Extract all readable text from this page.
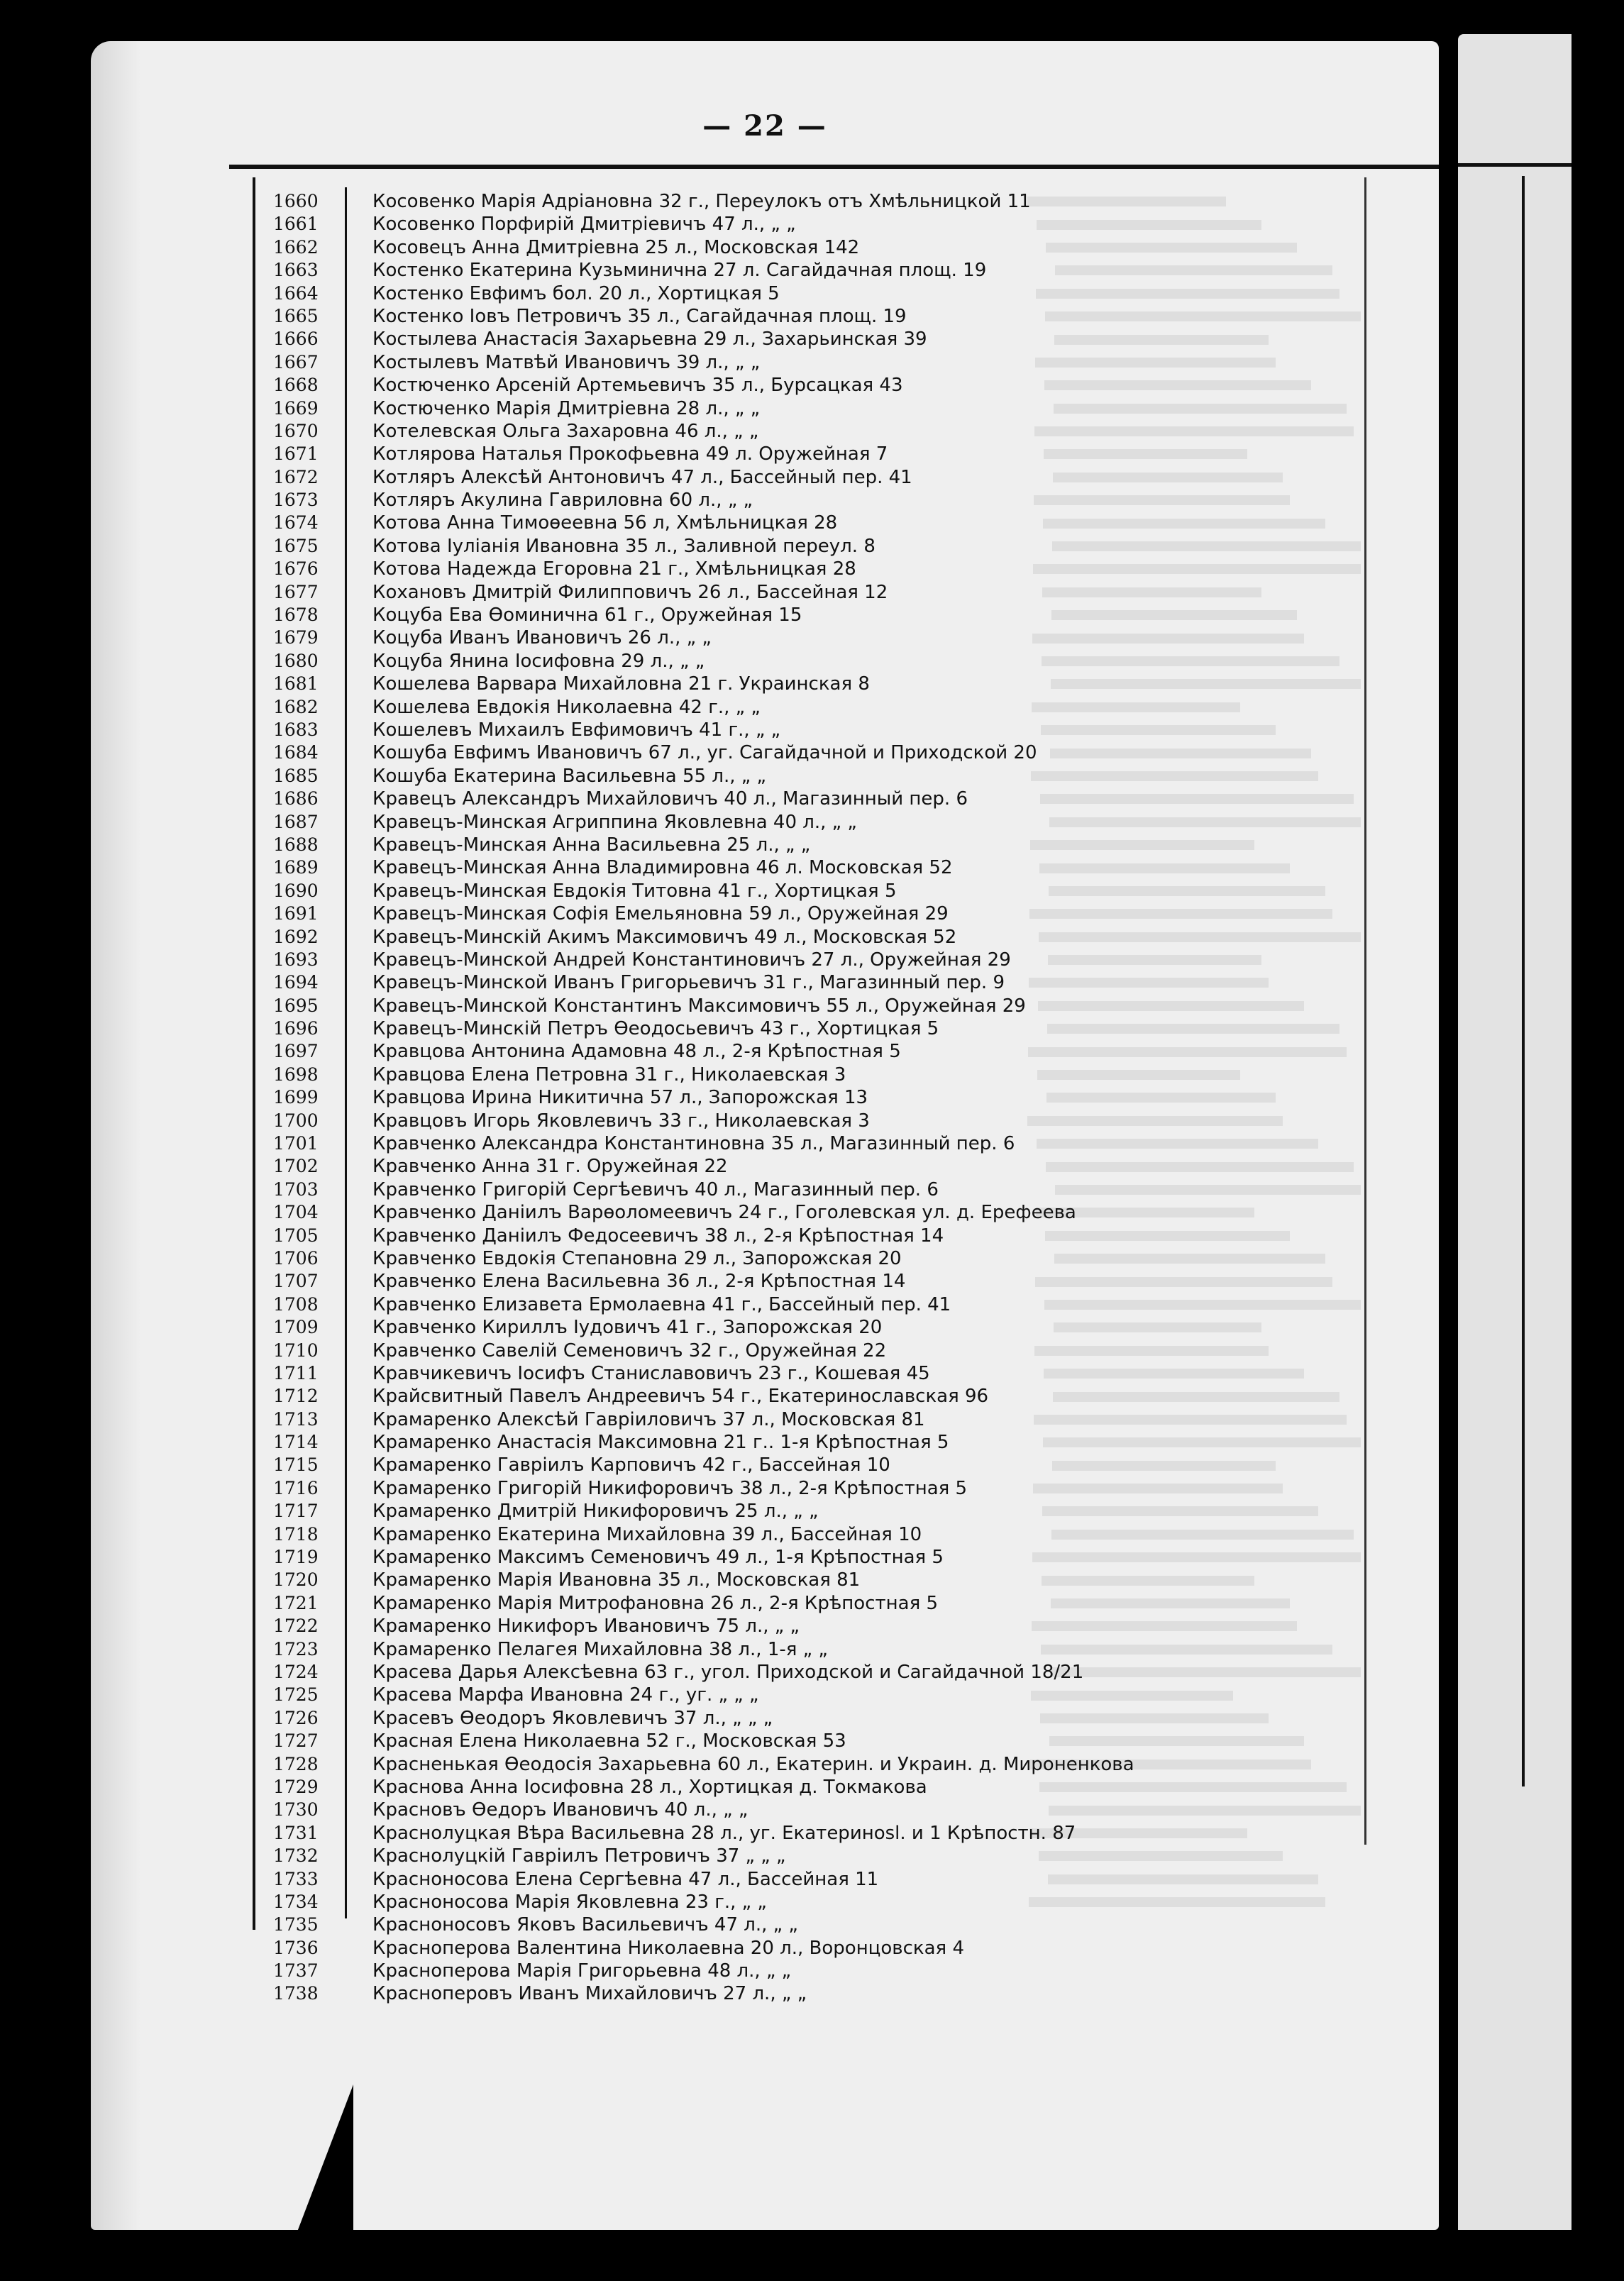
— 22 —
1660	Косовенко Марія Адріановна 32 г., Переулокъ отъ Хмѣльницкой 11
1661	Косовенко Порфирій Дмитріевичъ 47 л., „ „
1662	Косовецъ Анна Дмитріевна 25 л., Московская 142
1663	Костенко Екатерина Кузьминична 27 л. Сагайдачная площ. 19
1664	Костенко Евфимъ бол. 20 л., Хортицкая 5
1665	Костенко Іовъ Петровичъ 35 л., Сагайдачная площ. 19
1666	Костылева Анастасія Захарьевна 29 л., Захарьинская 39
1667	Костылевъ Матвѣй Ивановичъ 39 л., „ „
1668	Костюченко Арсеній Артемьевичъ 35 л., Бурсацкая 43
1669	Костюченко Марія Дмитріевна 28 л., „ „
1670	Котелевская Ольга Захаровна 46 л., „ „
1671	Котлярова Наталья Прокофьевна 49 л. Оружейная 7
1672	Котляръ Алексѣй Антоновичъ 47 л., Бассейный пер. 41
1673	Котляръ Акулина Гавриловна 60 л., „ „
1674	Котова Анна Тимоѳеевна 56 л, Хмѣльницкая 28
1675	Котова Іуліанія Ивановна 35 л., Заливной переул. 8
1676	Котова Надежда Егоровна 21 г., Хмѣльницкая 28
1677	Кохановъ Дмитрій Филипповичъ 26 л., Бассейная 12
1678	Коцуба Ева Ѳоминична 61 г., Оружейная 15
1679	Коцуба Иванъ Ивановичъ 26 л., „ „
1680	Коцуба Янина Іосифовна 29 л., „ „
1681	Кошелева Варвара Михайловна 21 г. Украинская 8
1682	Кошелева Евдокія Николаевна 42 г., „ „
1683	Кошелевъ Михаилъ Евфимовичъ 41 г., „ „
1684	Кошуба Евфимъ Ивановичъ 67 л., уг. Сагайдачной и Приходской 20
1685	Кошуба Екатерина Васильевна 55 л., „ „
1686	Кравецъ Александръ Михайловичъ 40 л., Магазинный пер. 6
1687	Кравецъ-Минская Агриппина Яковлевна 40 л., „ „
1688	Кравецъ-Минская Анна Васильевна 25 л., „ „
1689	Кравецъ-Минская Анна Владимировна 46 л. Московская 52
1690	Кравецъ-Минская Евдокія Титовна 41 г., Хортицкая 5
1691	Кравецъ-Минская Софія Емельяновна 59 л., Оружейная 29
1692	Кравецъ-Минскій Акимъ Максимовичъ 49 л., Московская 52
1693	Кравецъ-Минской Андрей Константиновичъ 27 л., Оружейная 29
1694	Кравецъ-Минской Иванъ Григорьевичъ 31 г., Магазинный пер. 9
1695	Кравецъ-Минской Константинъ Максимовичъ 55 л., Оружейная 29
1696	Кравецъ-Минскій Петръ Ѳеодосьевичъ 43 г., Хортицкая 5
1697	Кравцова Антонина Адамовна 48 л., 2-я Крѣпостная 5
1698	Кравцова Елена Петровна 31 г., Николаевская 3
1699	Кравцова Ирина Никитична 57 л., Запорожская 13
1700	Кравцовъ Игорь Яковлевичъ 33 г., Николаевская 3
1701	Кравченко Александра Константиновна 35 л., Магазинный пер. 6
1702	Кравченко Анна 31 г. Оружейная 22
1703	Кравченко Григорій Сергѣевичъ 40 л., Магазинный пер. 6
1704	Кравченко Даніилъ Варѳоломеевичъ 24 г., Гоголевская ул. д. Ерефеева
1705	Кравченко Даніилъ Федосеевичъ 38 л., 2-я Крѣпостная 14
1706	Кравченко Евдокія Степановна 29 л., Запорожская 20
1707	Кравченко Елена Васильевна 36 л., 2-я Крѣпостная 14
1708	Кравченко Елизавета Ермолаевна 41 г., Бассейный пер. 41
1709	Кравченко Кириллъ Іудовичъ 41 г., Запорожская 20
1710	Кравченко Савелій Семеновичъ 32 г., Оружейная 22
1711	Кравчикевичъ Іосифъ Станиславовичъ 23 г., Кошевая 45
1712	Крайсвитный Павелъ Андреевичъ 54 г., Екатеринославская 96
1713	Крамаренко Алексѣй Гавріиловичъ 37 л., Московская 81
1714	Крамаренко Анастасія Максимовна 21 г.. 1-я Крѣпостная 5
1715	Крамаренко Гавріилъ Карповичъ 42 г., Бассейная 10
1716	Крамаренко Григорій Никифоровичъ 38 л., 2-я Крѣпостная 5
1717	Крамаренко Дмитрій Никифоровичъ 25 л., „ „
1718	Крамаренко Екатерина Михайловна 39 л., Бассейная 10
1719	Крамаренко Максимъ Семеновичъ 49 л., 1-я Крѣпостная 5
1720	Крамаренко Марія Ивановна 35 л., Московская 81
1721	Крамаренко Марія Митрофановна 26 л., 2-я Крѣпостная 5
1722	Крамаренко Никифоръ Ивановичъ 75 л., „ „
1723	Крамаренко Пелагея Михайловна 38 л., 1-я „ „
1724	Красева Дарья Алексѣевна 63 г., угол. Приходской и Сагайдачной 18/21
1725	Красева Марфа Ивановна 24 г., уг. „ „ „
1726	Красевъ Ѳеодоръ Яковлевичъ 37 л., „ „ „
1727	Красная Елена Николаевна 52 г., Московская 53
1728	Красненькая Ѳеодосія Захарьевна 60 л., Екатерин. и Украин. д. Мироненкова
1729	Краснова Анна Іосифовна 28 л., Хортицкая д. Токмакова
1730	Красновъ Ѳедоръ Ивановичъ 40 л., „ „
1731	Краснолуцкая Вѣра Васильевна 28 л., уг. Екатеринosl. и 1 Крѣпостн. 87
1732	Краснолуцкій Гавріилъ Петровичъ 37 „ „ „
1733	Красноносова Елена Сергѣевна 47 л., Бассейная 11
1734	Красноносова Марія Яковлевна 23 г., „ „
1735	Красноносовъ Яковъ Васильевичъ 47 л., „ „
1736	Красноперова Валентина Николаевна 20 л., Воронцовская 4
1737	Красноперова Марія Григорьевна 48 л., „ „
1738	Красноперовъ Иванъ Михайловичъ 27 л., „ „
